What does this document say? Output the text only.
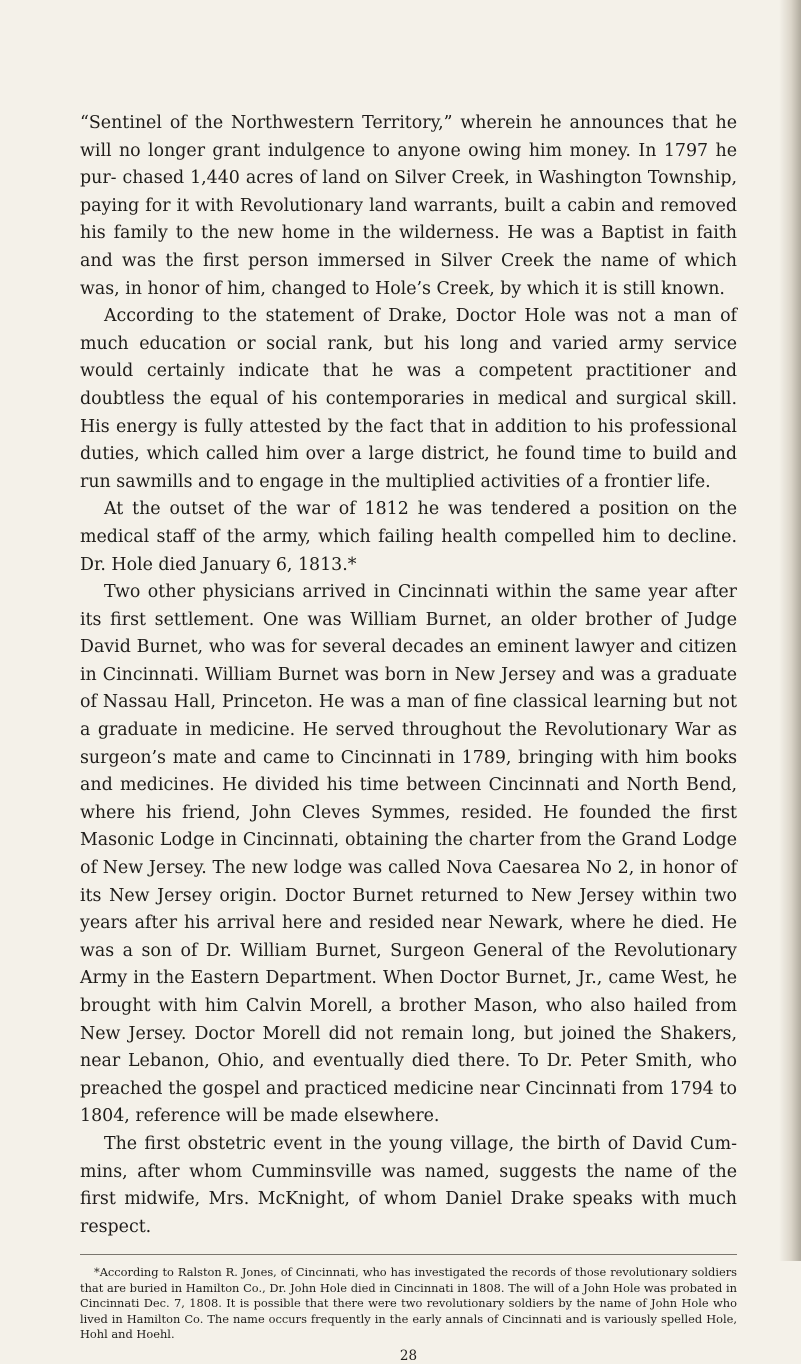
“Sentinel of the Northwestern Territory,” wherein he announces that he will no longer grant indulgence to anyone owing him money. In 1797 he pur- chased 1,440 acres of land on Silver Creek, in Washington Township, paying for it with Revolutionary land warrants, built a cabin and removed his family to the new home in the wilderness. He was a Baptist in faith and was the first person immersed in Silver Creek the name of which was, in honor of him, changed to Hole’s Creek, by which it is still known.

According to the statement of Drake, Doctor Hole was not a man of much education or social rank, but his long and varied army service would certainly indicate that he was a competent practitioner and doubtless the equal of his contemporaries in medical and surgical skill. His energy is fully attested by the fact that in addition to his professional duties, which called him over a large district, he found time to build and run sawmills and to engage in the multiplied activities of a frontier life.

At the outset of the war of 1812 he was tendered a position on the medical staff of the army, which failing health compelled him to decline. Dr. Hole died January 6, 1813.*

Two other physicians arrived in Cincinnati within the same year after its first settlement. One was William Burnet, an older brother of Judge David Burnet, who was for several decades an eminent lawyer and citizen in Cincinnati. William Burnet was born in New Jersey and was a graduate of Nassau Hall, Princeton. He was a man of fine classical learning but not a graduate in medicine. He served throughout the Revolutionary War as surgeon’s mate and came to Cincinnati in 1789, bringing with him books and medicines. He divided his time between Cincinnati and North Bend, where his friend, John Cleves Symmes, resided. He founded the first Masonic Lodge in Cincinnati, obtaining the charter from the Grand Lodge of New Jersey. The new lodge was called Nova Caesarea No 2, in honor of its New Jersey origin. Doctor Burnet returned to New Jersey within two years after his arrival here and resided near Newark, where he died. He was a son of Dr. William Burnet, Surgeon General of the Revolutionary Army in the Eastern Department. When Doctor Burnet, Jr., came West, he brought with him Calvin Morell, a brother Mason, who also hailed from New Jersey. Doctor Morell did not remain long, but joined the Shakers, near Lebanon, Ohio, and eventually died there. To Dr. Peter Smith, who preached the gospel and practiced medicine near Cincinnati from 1794 to 1804, reference will be made elsewhere.

The first obstetric event in the young village, the birth of David Cum- mins, after whom Cumminsville was named, suggests the name of the first midwife, Mrs. McKnight, of whom Daniel Drake speaks with much respect.

*According to Ralston R. Jones, of Cincinnati, who has investigated the records of those revolutionary soldiers that are buried in Hamilton Co., Dr. John Hole died in Cincinnati in 1808. The will of a John Hole was probated in Cincinnati Dec. 7, 1808. It is possible that there were two revolutionary soldiers by the name of John Hole who lived in Hamilton Co. The name occurs frequently in the early annals of Cincinnati and is variously spelled Hole, Hohl and Hoehl.

28
